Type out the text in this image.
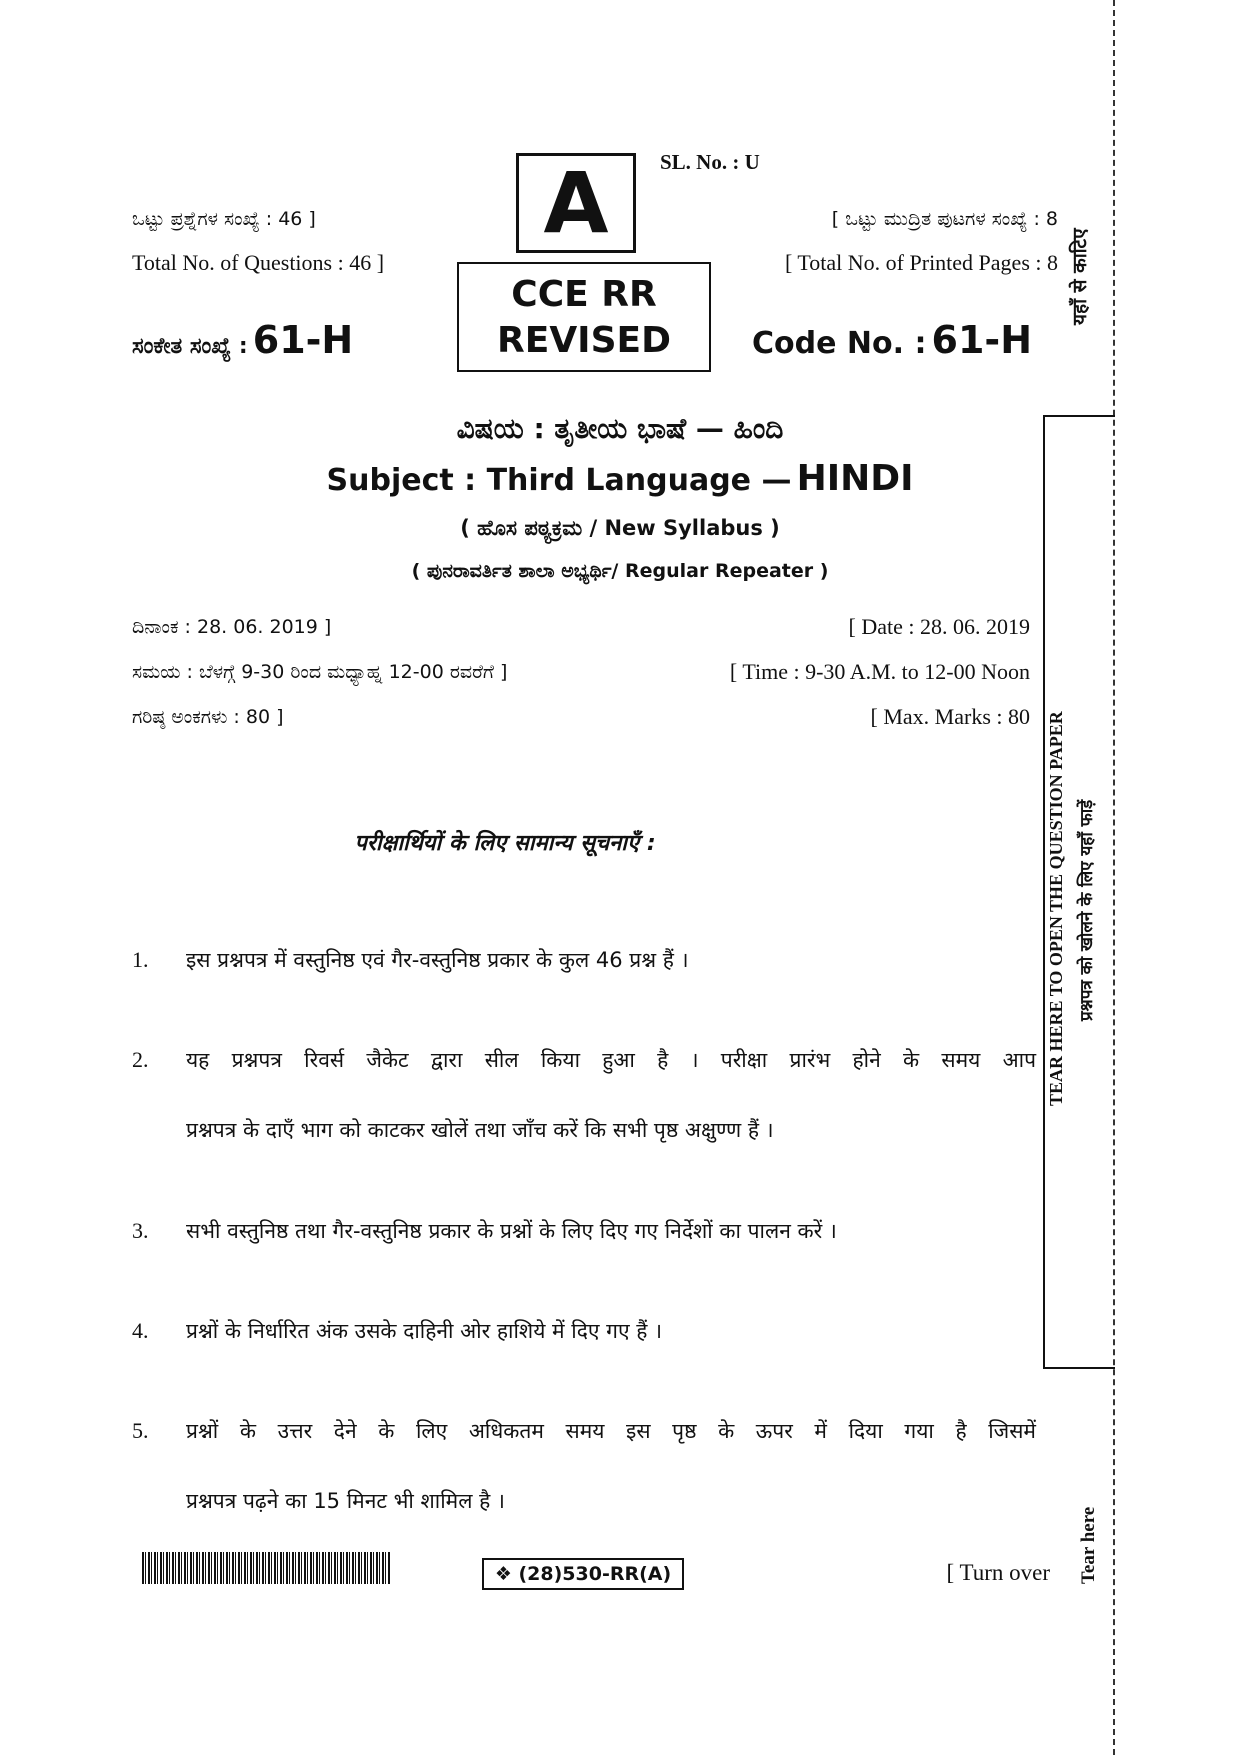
SL. No. : U
A
ಒಟ್ಟು ಪ್ರಶ್ನೆಗಳ ಸಂಖ್ಯೆ : 46 ]
Total No. of Questions : 46 ]
[ ಒಟ್ಟು ಮುದ್ರಿತ ಪುಟಗಳ ಸಂಖ್ಯೆ : 8
[ Total No. of Printed Pages : 8
CCE RR
REVISED
ಸಂಕೇತ ಸಂಖ್ಯೆ : 61-H	Code No. : 61-H
ವಿಷಯ : ತೃತೀಯ ಭಾಷೆ — ಹಿಂದಿ
Subject : Third Language — HINDI
( ಹೊಸ ಪಠ್ಯಕ್ರಮ / New Syllabus )
( ಪುನರಾವರ್ತಿತ ಶಾಲಾ ಅಭ್ಯರ್ಥಿ/ Regular Repeater )
ದಿನಾಂಕ : 28. 06. 2019 ]	[ Date : 28. 06. 2019
ಸಮಯ : ಬೆಳಗ್ಗೆ 9-30 ರಿಂದ ಮಧ್ಯಾಹ್ನ 12-00 ರವರೆಗೆ ]	[ Time : 9-30 A.M. to 12-00 Noon
ಗರಿಷ್ಠ ಅಂಕಗಳು : 80 ]	[ Max. Marks : 80
परीक्षार्थियों के लिए सामान्य सूचनाएँ :
1. इस प्रश्नपत्र में वस्तुनिष्ठ एवं गैर-वस्तुनिष्ठ प्रकार के कुल 46 प्रश्न हैं ।
2. यह प्रश्नपत्र रिवर्स जैकेट द्वारा सील किया हुआ है । परीक्षा प्रारंभ होने के समय आप
प्रश्नपत्र के दाएँ भाग को काटकर खोलें तथा जाँच करें कि सभी पृष्ठ अक्षुण्ण हैं ।
3. सभी वस्तुनिष्ठ तथा गैर-वस्तुनिष्ठ प्रकार के प्रश्नों के लिए दिए गए निर्देशों का पालन करें ।
4. प्रश्नों के निर्धारित अंक उसके दाहिनी ओर हाशिये में दिए गए हैं ।
5. प्रश्नों के उत्तर देने के लिए अधिकतम समय इस पृष्ठ के ऊपर में दिया गया है जिसमें
प्रश्नपत्र पढ़ने का 15 मिनट भी शामिल है ।
❖ (28)530-RR(A)	[ Turn over
यहाँ से काटिए
TEAR HERE TO OPEN THE QUESTION PAPER प्रश्नपत्र को खोलने के लिए यहाँ फाड़ें
Tear here
